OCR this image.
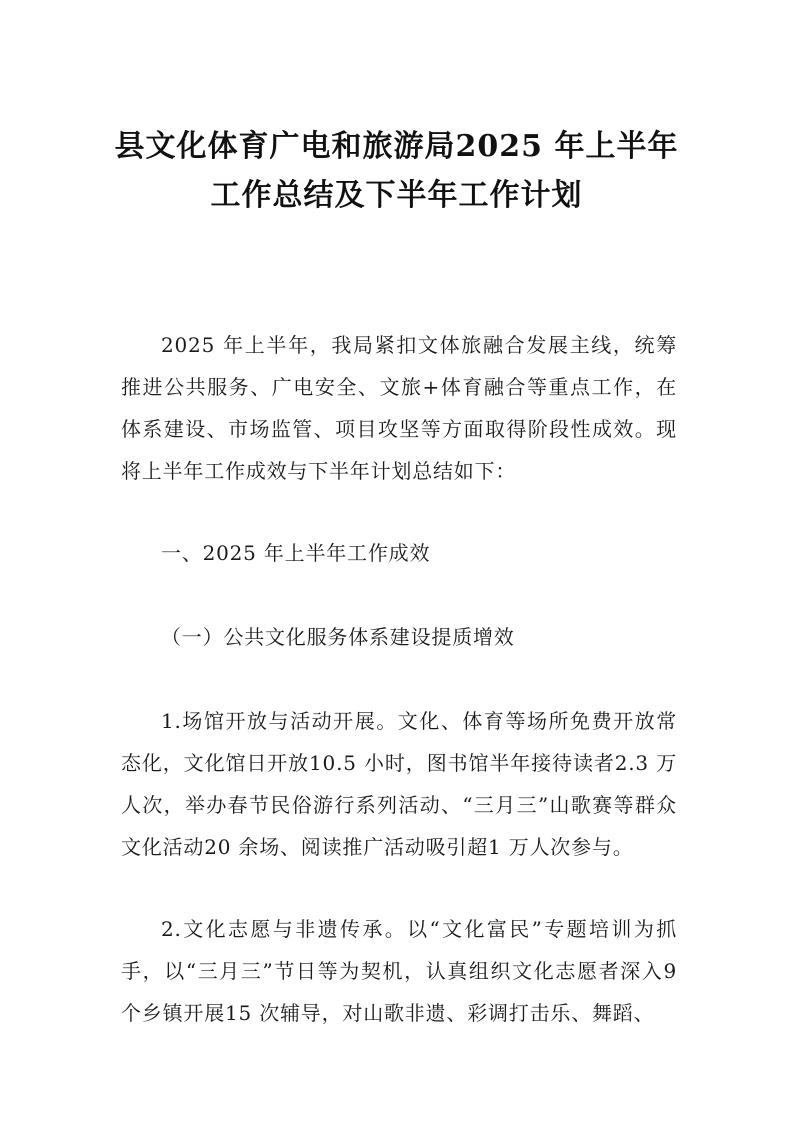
县文化体育广电和旅游局2025 年上半年工作总结及下半年工作计划
2025 年上半年，我局紧扣文体旅融合发展主线，统筹推进公共服务、广电安全、文旅+体育融合等重点工作，在体系建设、市场监管、项目攻坚等方面取得阶段性成效。现将上半年工作成效与下半年计划总结如下：
一、2025 年上半年工作成效
（一）公共文化服务体系建设提质增效
1.场馆开放与活动开展。文化、体育等场所免费开放常态化，文化馆日开放10.5 小时，图书馆半年接待读者2.3 万人次，举办春节民俗游行系列活动、“三月三”山歌赛等群众文化活动20 余场、阅读推广活动吸引超1 万人次参与。
2.文化志愿与非遗传承。以“文化富民”专题培训为抓手，以“三月三”节日等为契机，认真组织文化志愿者深入9 个乡镇开展15 次辅导，对山歌非遗、彩调打击乐、舞蹈、
